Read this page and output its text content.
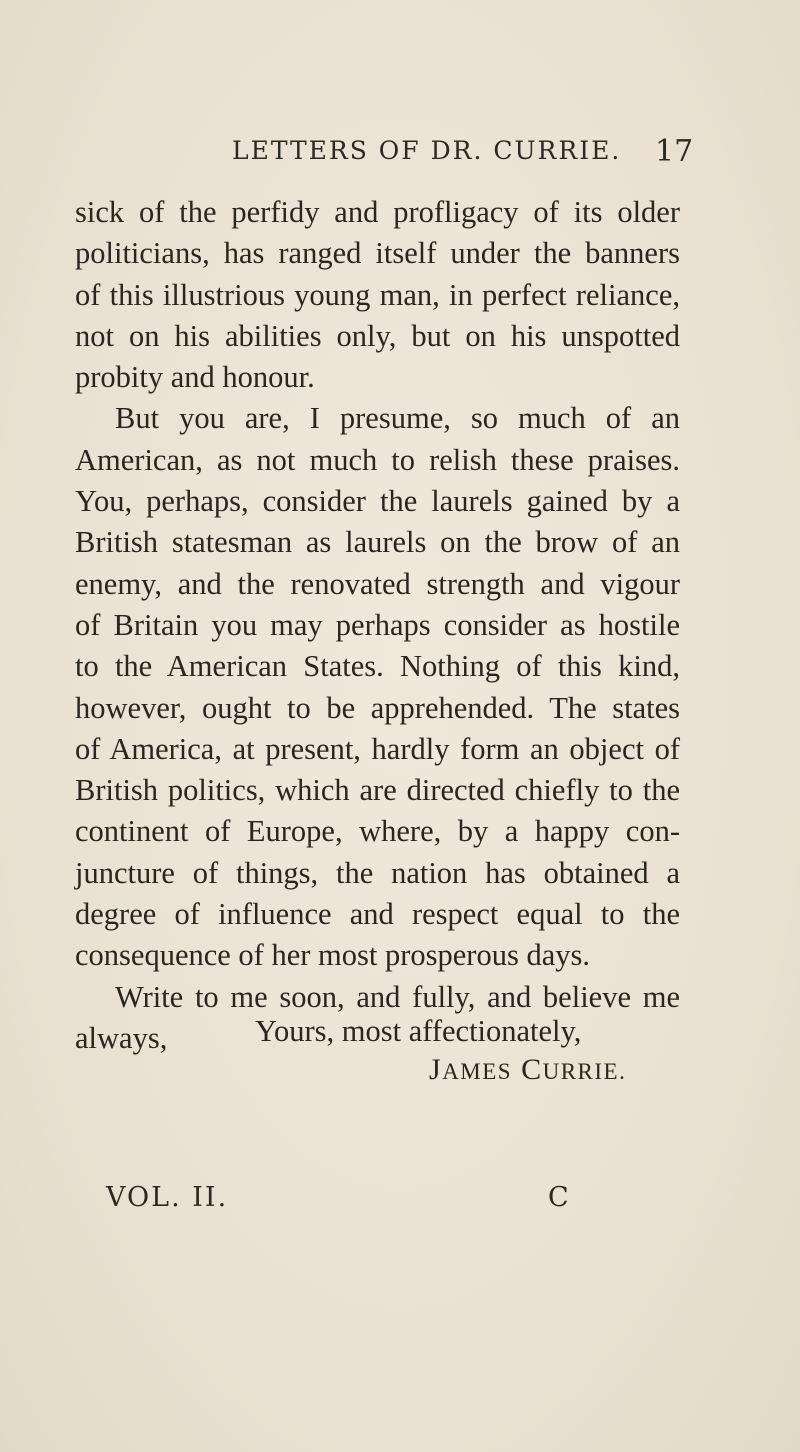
LETTERS OF DR. CURRIE. 17
sick of the perfidy and profligacy of its older
politicians, has ranged itself under the banners
of this illustrious young man, in perfect reliance,
not on his abilities only, but on his unspotted
probity and honour.
But you are, I presume, so much of an
American, as not much to relish these praises.
You, perhaps, consider the laurels gained by a
British statesman as laurels on the brow of an
enemy, and the renovated strength and vigour
of Britain you may perhaps consider as hostile
to the American States. Nothing of this kind,
however, ought to be apprehended. The states
of America, at present, hardly form an object of
British politics, which are directed chiefly to the
continent of Europe, where, by a happy con-
juncture of things, the nation has obtained a
degree of influence and respect equal to the
consequence of her most prosperous days.
Write to me soon, and fully, and believe me
always,	Yours, most affectionately,
JAMES CURRIE.
VOL. II.	C
